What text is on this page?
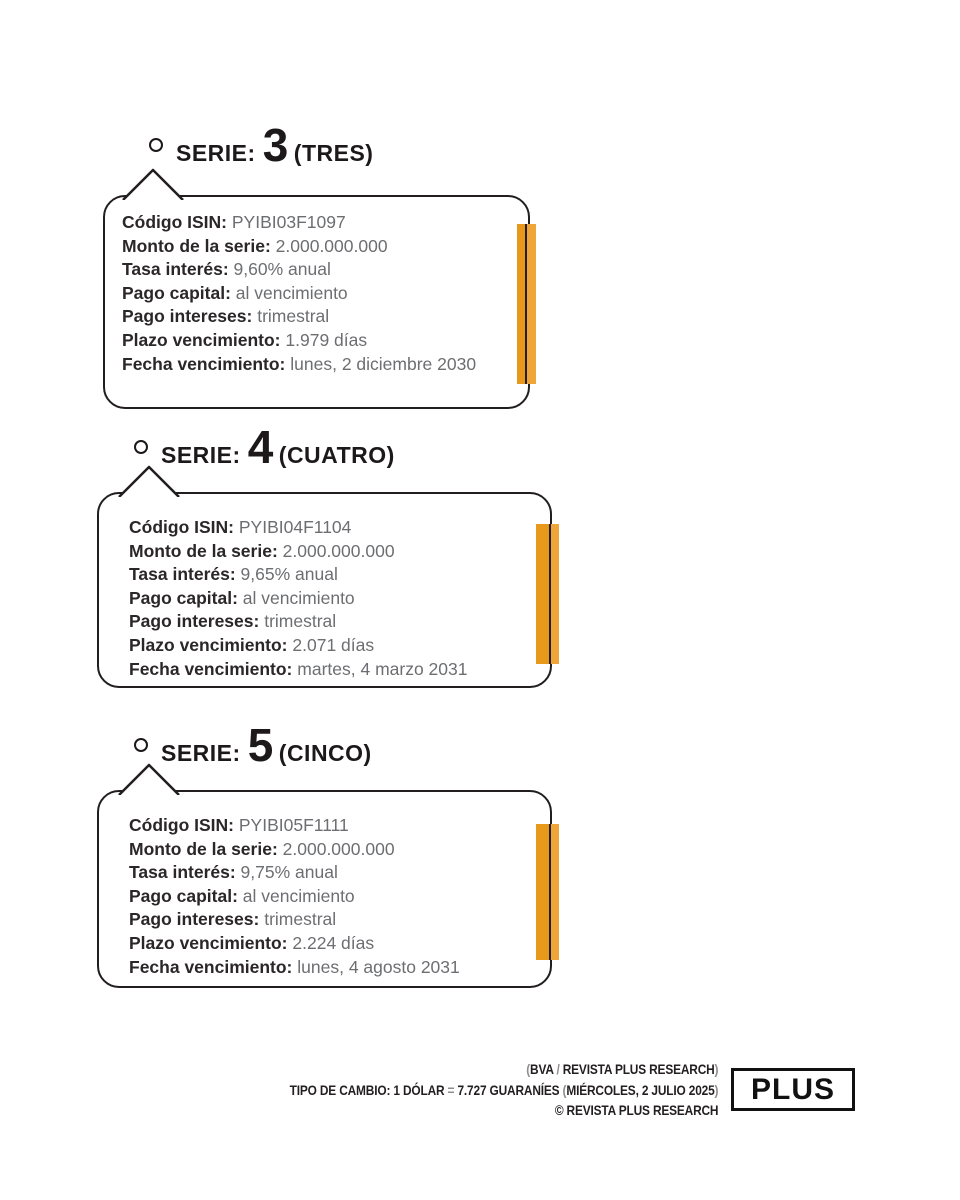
SERIE: 3 (TRES)
Código ISIN: PYIBI03F1097
Monto de la serie: 2.000.000.000
Tasa interés: 9,60% anual
Pago capital: al vencimiento
Pago intereses: trimestral
Plazo vencimiento: 1.979 días
Fecha vencimiento: lunes, 2 diciembre 2030
SERIE: 4 (CUATRO)
Código ISIN: PYIBI04F1104
Monto de la serie: 2.000.000.000
Tasa interés: 9,65% anual
Pago capital: al vencimiento
Pago intereses: trimestral
Plazo vencimiento: 2.071 días
Fecha vencimiento: martes, 4 marzo 2031
SERIE: 5 (CINCO)
Código ISIN: PYIBI05F1111
Monto de la serie: 2.000.000.000
Tasa interés: 9,75% anual
Pago capital: al vencimiento
Pago intereses: trimestral
Plazo vencimiento: 2.224 días
Fecha vencimiento: lunes, 4 agosto 2031
(BVA / REVISTA PLUS RESEARCH)
TIPO DE CAMBIO: 1 DÓLAR = 7.727 GUARANÍES (MIÉRCOLES, 2 JULIO 2025)
© REVISTA PLUS RESEARCH
PLUS
